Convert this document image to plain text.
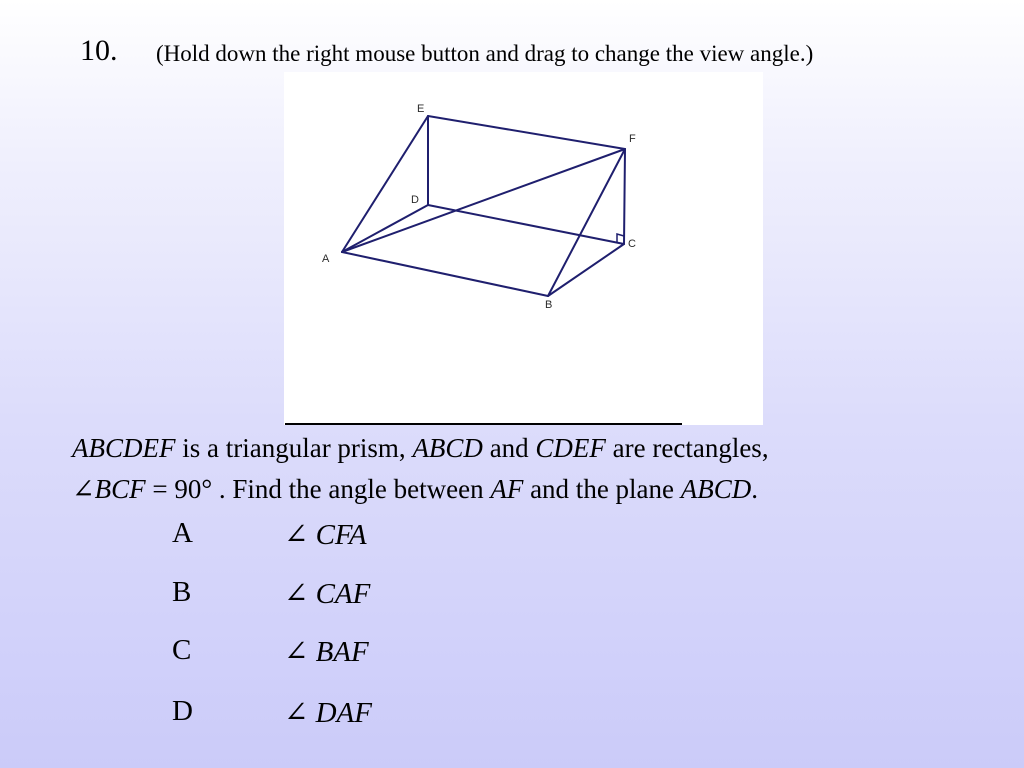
10. (Hold down the right mouse button and drag to change the view angle.)
E
F
D
C
A
B
ABCDEF is a triangular prism, ABCD and CDEF are rectangles,
∠BCF = 90° . Find the angle between AF and the plane ABCD.
A	∠ CFA
B	∠ CAF
C	∠ BAF
D	∠ DAF
